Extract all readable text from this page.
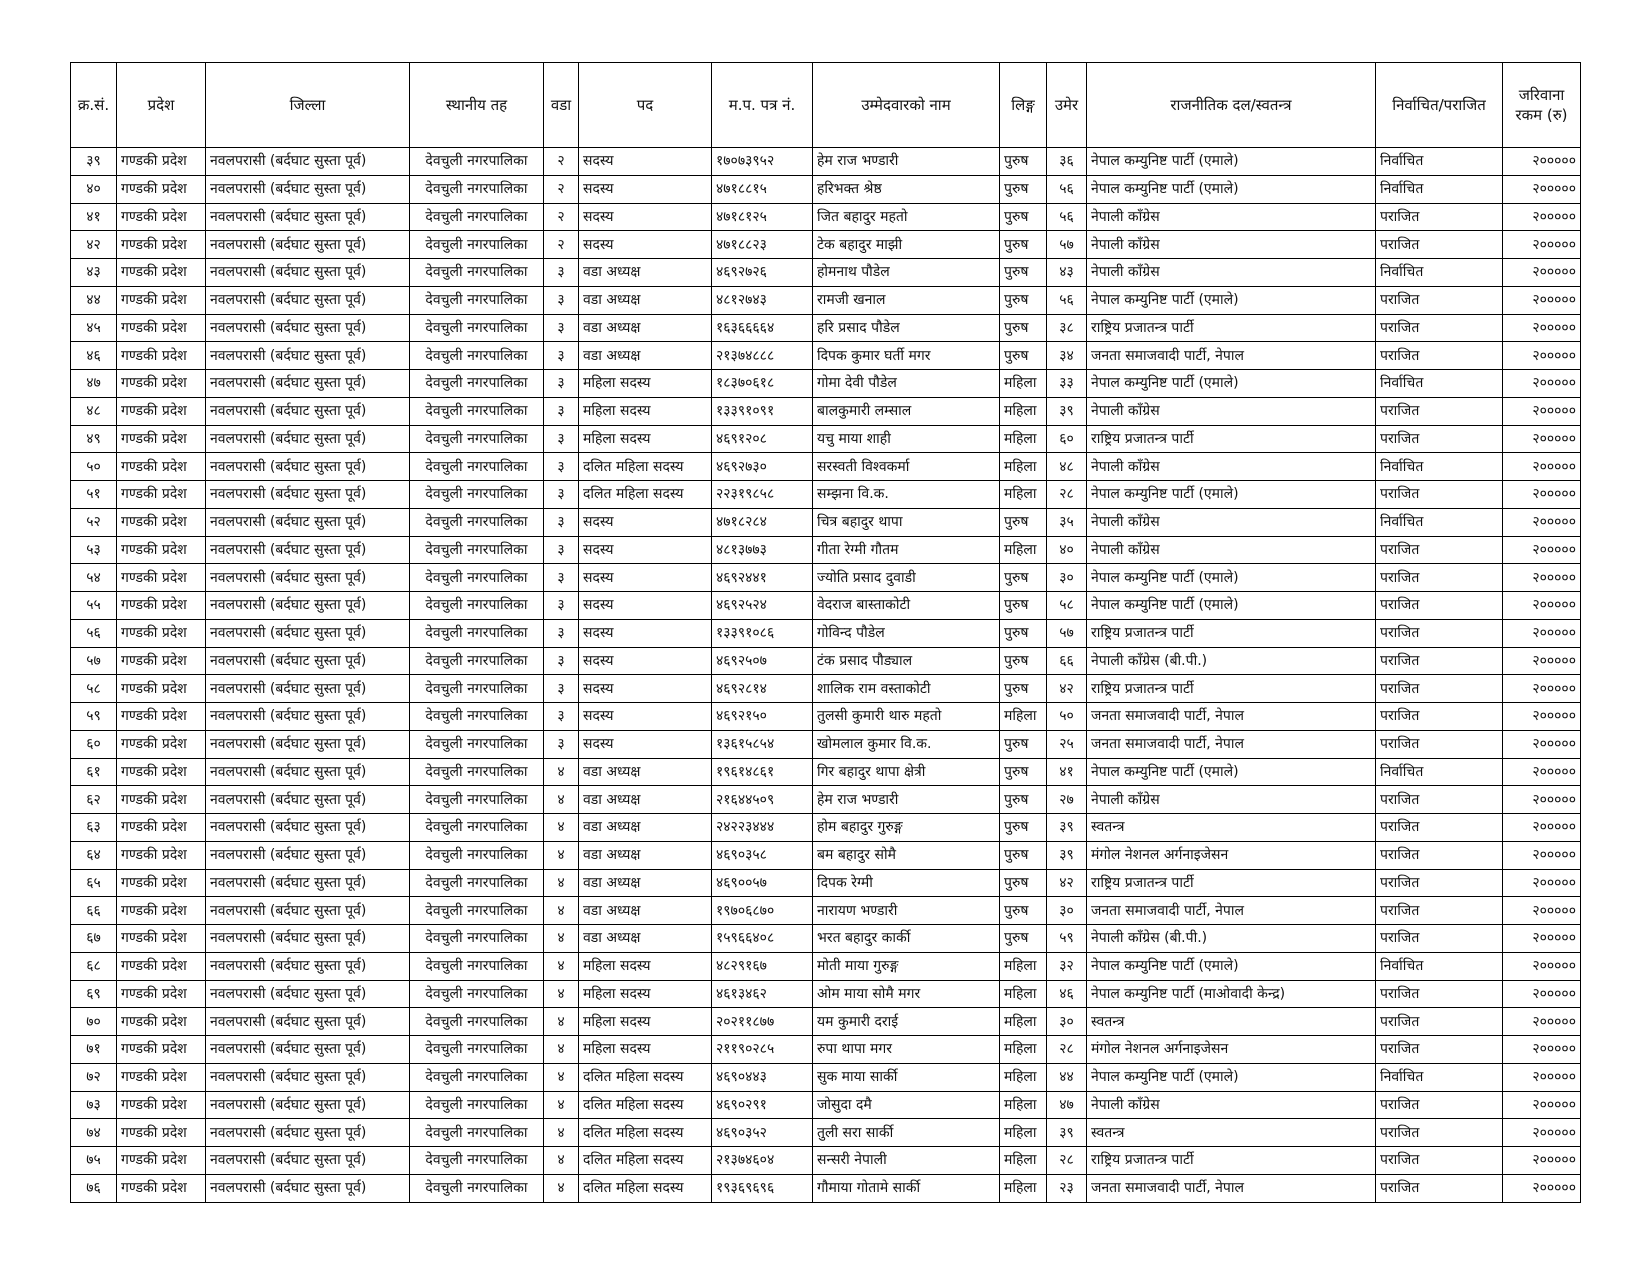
क्र.सं.	प्रदेश	जिल्ला	स्थानीय तह	वडा	पद	म.प. पत्र नं.	उम्मेदवारको नाम	लिङ्ग	उमेर	राजनीतिक दल/स्वतन्त्र	निर्वाचित/पराजित	जरिवाना रकम (रु)
३९	गण्डकी प्रदेश	नवलपरासी (बर्दघाट सुस्ता पूर्व)	देवचुली नगरपालिका	२	सदस्य	१७०७३९५२	हेम राज भण्डारी	पुरुष	३६	नेपाल कम्युनिष्ट पार्टी (एमाले)	निर्वाचित	२०००००
४०	गण्डकी प्रदेश	नवलपरासी (बर्दघाट सुस्ता पूर्व)	देवचुली नगरपालिका	२	सदस्य	४७१८८१५	हरिभक्त श्रेष्ठ	पुरुष	५६	नेपाल कम्युनिष्ट पार्टी (एमाले)	निर्वाचित	२०००००
४१	गण्डकी प्रदेश	नवलपरासी (बर्दघाट सुस्ता पूर्व)	देवचुली नगरपालिका	२	सदस्य	४७१८१२५	जित बहादुर महतो	पुरुष	५६	नेपाली काँग्रेस	पराजित	२०००००
४२	गण्डकी प्रदेश	नवलपरासी (बर्दघाट सुस्ता पूर्व)	देवचुली नगरपालिका	२	सदस्य	४७१८८२३	टेक बहादुर माझी	पुरुष	५७	नेपाली काँग्रेस	पराजित	२०००००
४३	गण्डकी प्रदेश	नवलपरासी (बर्दघाट सुस्ता पूर्व)	देवचुली नगरपालिका	३	वडा अध्यक्ष	४६९२७२६	होमनाथ पौडेल	पुरुष	४३	नेपाली काँग्रेस	निर्वाचित	२०००००
४४	गण्डकी प्रदेश	नवलपरासी (बर्दघाट सुस्ता पूर्व)	देवचुली नगरपालिका	३	वडा अध्यक्ष	४८१२७४३	रामजी खनाल	पुरुष	५६	नेपाल कम्युनिष्ट पार्टी (एमाले)	पराजित	२०००००
४५	गण्डकी प्रदेश	नवलपरासी (बर्दघाट सुस्ता पूर्व)	देवचुली नगरपालिका	३	वडा अध्यक्ष	१६३६६६६४	हरि प्रसाद पौडेल	पुरुष	३८	राष्ट्रिय प्रजातन्त्र पार्टी	पराजित	२०००००
४६	गण्डकी प्रदेश	नवलपरासी (बर्दघाट सुस्ता पूर्व)	देवचुली नगरपालिका	३	वडा अध्यक्ष	२१३७४८८८	दिपक कुमार घर्ती मगर	पुरुष	३४	जनता समाजवादी पार्टी, नेपाल	पराजित	२०००००
४७	गण्डकी प्रदेश	नवलपरासी (बर्दघाट सुस्ता पूर्व)	देवचुली नगरपालिका	३	महिला सदस्य	१८३७०६१८	गोमा देवी पौडेल	महिला	३३	नेपाल कम्युनिष्ट पार्टी (एमाले)	निर्वाचित	२०००००
४८	गण्डकी प्रदेश	नवलपरासी (बर्दघाट सुस्ता पूर्व)	देवचुली नगरपालिका	३	महिला सदस्य	१३३९१०९१	बालकुमारी लम्साल	महिला	३९	नेपाली काँग्रेस	पराजित	२०००००
४९	गण्डकी प्रदेश	नवलपरासी (बर्दघाट सुस्ता पूर्व)	देवचुली नगरपालिका	३	महिला सदस्य	४६९१२०८	यचु माया शाही	महिला	६०	राष्ट्रिय प्रजातन्त्र पार्टी	पराजित	२०००००
५०	गण्डकी प्रदेश	नवलपरासी (बर्दघाट सुस्ता पूर्व)	देवचुली नगरपालिका	३	दलित महिला सदस्य	४६९२७३०	सरस्वती विश्वकर्मा	महिला	४८	नेपाली काँग्रेस	निर्वाचित	२०००००
५१	गण्डकी प्रदेश	नवलपरासी (बर्दघाट सुस्ता पूर्व)	देवचुली नगरपालिका	३	दलित महिला सदस्य	२२३१९८५८	सम्झना वि.क.	महिला	२८	नेपाल कम्युनिष्ट पार्टी (एमाले)	पराजित	२०००००
५२	गण्डकी प्रदेश	नवलपरासी (बर्दघाट सुस्ता पूर्व)	देवचुली नगरपालिका	३	सदस्य	४७१८२८४	चित्र बहादुर थापा	पुरुष	३५	नेपाली काँग्रेस	निर्वाचित	२०००००
५३	गण्डकी प्रदेश	नवलपरासी (बर्दघाट सुस्ता पूर्व)	देवचुली नगरपालिका	३	सदस्य	४८१३७७३	गीता रेग्मी गौतम	महिला	४०	नेपाली काँग्रेस	पराजित	२०००००
५४	गण्डकी प्रदेश	नवलपरासी (बर्दघाट सुस्ता पूर्व)	देवचुली नगरपालिका	३	सदस्य	४६९२४४१	ज्योति प्रसाद दुवाडी	पुरुष	३०	नेपाल कम्युनिष्ट पार्टी (एमाले)	पराजित	२०००००
५५	गण्डकी प्रदेश	नवलपरासी (बर्दघाट सुस्ता पूर्व)	देवचुली नगरपालिका	३	सदस्य	४६९२५२४	वेदराज बास्ताकोटी	पुरुष	५८	नेपाल कम्युनिष्ट पार्टी (एमाले)	पराजित	२०००००
५६	गण्डकी प्रदेश	नवलपरासी (बर्दघाट सुस्ता पूर्व)	देवचुली नगरपालिका	३	सदस्य	१३३९१०८६	गोविन्द पौडेल	पुरुष	५७	राष्ट्रिय प्रजातन्त्र पार्टी	पराजित	२०००००
५७	गण्डकी प्रदेश	नवलपरासी (बर्दघाट सुस्ता पूर्व)	देवचुली नगरपालिका	३	सदस्य	४६९२५०७	टंक प्रसाद पौड्याल	पुरुष	६६	नेपाली काँग्रेस (बी.पी.)	पराजित	२०००००
५८	गण्डकी प्रदेश	नवलपरासी (बर्दघाट सुस्ता पूर्व)	देवचुली नगरपालिका	३	सदस्य	४६९२८१४	शालिक राम वस्ताकोटी	पुरुष	४२	राष्ट्रिय प्रजातन्त्र पार्टी	पराजित	२०००००
५९	गण्डकी प्रदेश	नवलपरासी (बर्दघाट सुस्ता पूर्व)	देवचुली नगरपालिका	३	सदस्य	४६९२१५०	तुलसी कुमारी थारु महतो	महिला	५०	जनता समाजवादी पार्टी, नेपाल	पराजित	२०००००
६०	गण्डकी प्रदेश	नवलपरासी (बर्दघाट सुस्ता पूर्व)	देवचुली नगरपालिका	३	सदस्य	१३६१५८५४	खोमलाल कुमार वि.क.	पुरुष	२५	जनता समाजवादी पार्टी, नेपाल	पराजित	२०००००
६१	गण्डकी प्रदेश	नवलपरासी (बर्दघाट सुस्ता पूर्व)	देवचुली नगरपालिका	४	वडा अध्यक्ष	१९६१४८६१	गिर बहादुर थापा क्षेत्री	पुरुष	४१	नेपाल कम्युनिष्ट पार्टी (एमाले)	निर्वाचित	२०००००
६२	गण्डकी प्रदेश	नवलपरासी (बर्दघाट सुस्ता पूर्व)	देवचुली नगरपालिका	४	वडा अध्यक्ष	२१६४४५०९	हेम राज भण्डारी	पुरुष	२७	नेपाली काँग्रेस	पराजित	२०००००
६३	गण्डकी प्रदेश	नवलपरासी (बर्दघाट सुस्ता पूर्व)	देवचुली नगरपालिका	४	वडा अध्यक्ष	२४२२३४४४	होम बहादुर गुरुङ्ग	पुरुष	३९	स्वतन्त्र	पराजित	२०००००
६४	गण्डकी प्रदेश	नवलपरासी (बर्दघाट सुस्ता पूर्व)	देवचुली नगरपालिका	४	वडा अध्यक्ष	४६९०३५८	बम बहादुर सोमै	पुरुष	३९	मंगोल नेशनल अर्गनाइजेसन	पराजित	२०००००
६५	गण्डकी प्रदेश	नवलपरासी (बर्दघाट सुस्ता पूर्व)	देवचुली नगरपालिका	४	वडा अध्यक्ष	४६९००५७	दिपक रेग्मी	पुरुष	४२	राष्ट्रिय प्रजातन्त्र पार्टी	पराजित	२०००००
६६	गण्डकी प्रदेश	नवलपरासी (बर्दघाट सुस्ता पूर्व)	देवचुली नगरपालिका	४	वडा अध्यक्ष	१९७०६८७०	नारायण भण्डारी	पुरुष	३०	जनता समाजवादी पार्टी, नेपाल	पराजित	२०००००
६७	गण्डकी प्रदेश	नवलपरासी (बर्दघाट सुस्ता पूर्व)	देवचुली नगरपालिका	४	वडा अध्यक्ष	१५९६६४०८	भरत बहादुर कार्की	पुरुष	५९	नेपाली काँग्रेस (बी.पी.)	पराजित	२०००००
६८	गण्डकी प्रदेश	नवलपरासी (बर्दघाट सुस्ता पूर्व)	देवचुली नगरपालिका	४	महिला सदस्य	४८२९१६७	मोती माया गुरुङ्ग	महिला	३२	नेपाल कम्युनिष्ट पार्टी (एमाले)	निर्वाचित	२०००००
६९	गण्डकी प्रदेश	नवलपरासी (बर्दघाट सुस्ता पूर्व)	देवचुली नगरपालिका	४	महिला सदस्य	४६१३४६२	ओम माया सोमै मगर	महिला	४६	नेपाल कम्युनिष्ट पार्टी (माओवादी केन्द्र)	पराजित	२०००००
७०	गण्डकी प्रदेश	नवलपरासी (बर्दघाट सुस्ता पूर्व)	देवचुली नगरपालिका	४	महिला सदस्य	२०२११८७७	यम कुमारी दराई	महिला	३०	स्वतन्त्र	पराजित	२०००००
७१	गण्डकी प्रदेश	नवलपरासी (बर्दघाट सुस्ता पूर्व)	देवचुली नगरपालिका	४	महिला सदस्य	२११९०२८५	रुपा थापा मगर	महिला	२८	मंगोल नेशनल अर्गनाइजेसन	पराजित	२०००००
७२	गण्डकी प्रदेश	नवलपरासी (बर्दघाट सुस्ता पूर्व)	देवचुली नगरपालिका	४	दलित महिला सदस्य	४६९०४४३	सुक माया सार्की	महिला	४४	नेपाल कम्युनिष्ट पार्टी (एमाले)	निर्वाचित	२०००००
७३	गण्डकी प्रदेश	नवलपरासी (बर्दघाट सुस्ता पूर्व)	देवचुली नगरपालिका	४	दलित महिला सदस्य	४६९०२९१	जोसुदा दमै	महिला	४७	नेपाली काँग्रेस	पराजित	२०००००
७४	गण्डकी प्रदेश	नवलपरासी (बर्दघाट सुस्ता पूर्व)	देवचुली नगरपालिका	४	दलित महिला सदस्य	४६९०३५२	तुली सरा सार्की	महिला	३९	स्वतन्त्र	पराजित	२०००००
७५	गण्डकी प्रदेश	नवलपरासी (बर्दघाट सुस्ता पूर्व)	देवचुली नगरपालिका	४	दलित महिला सदस्य	२१३७४६०४	सन्सरी नेपाली	महिला	२८	राष्ट्रिय प्रजातन्त्र पार्टी	पराजित	२०००००
७६	गण्डकी प्रदेश	नवलपरासी (बर्दघाट सुस्ता पूर्व)	देवचुली नगरपालिका	४	दलित महिला सदस्य	१९३६९६९६	गौमाया गोतामे सार्की	महिला	२३	जनता समाजवादी पार्टी, नेपाल	पराजित	२०००००
